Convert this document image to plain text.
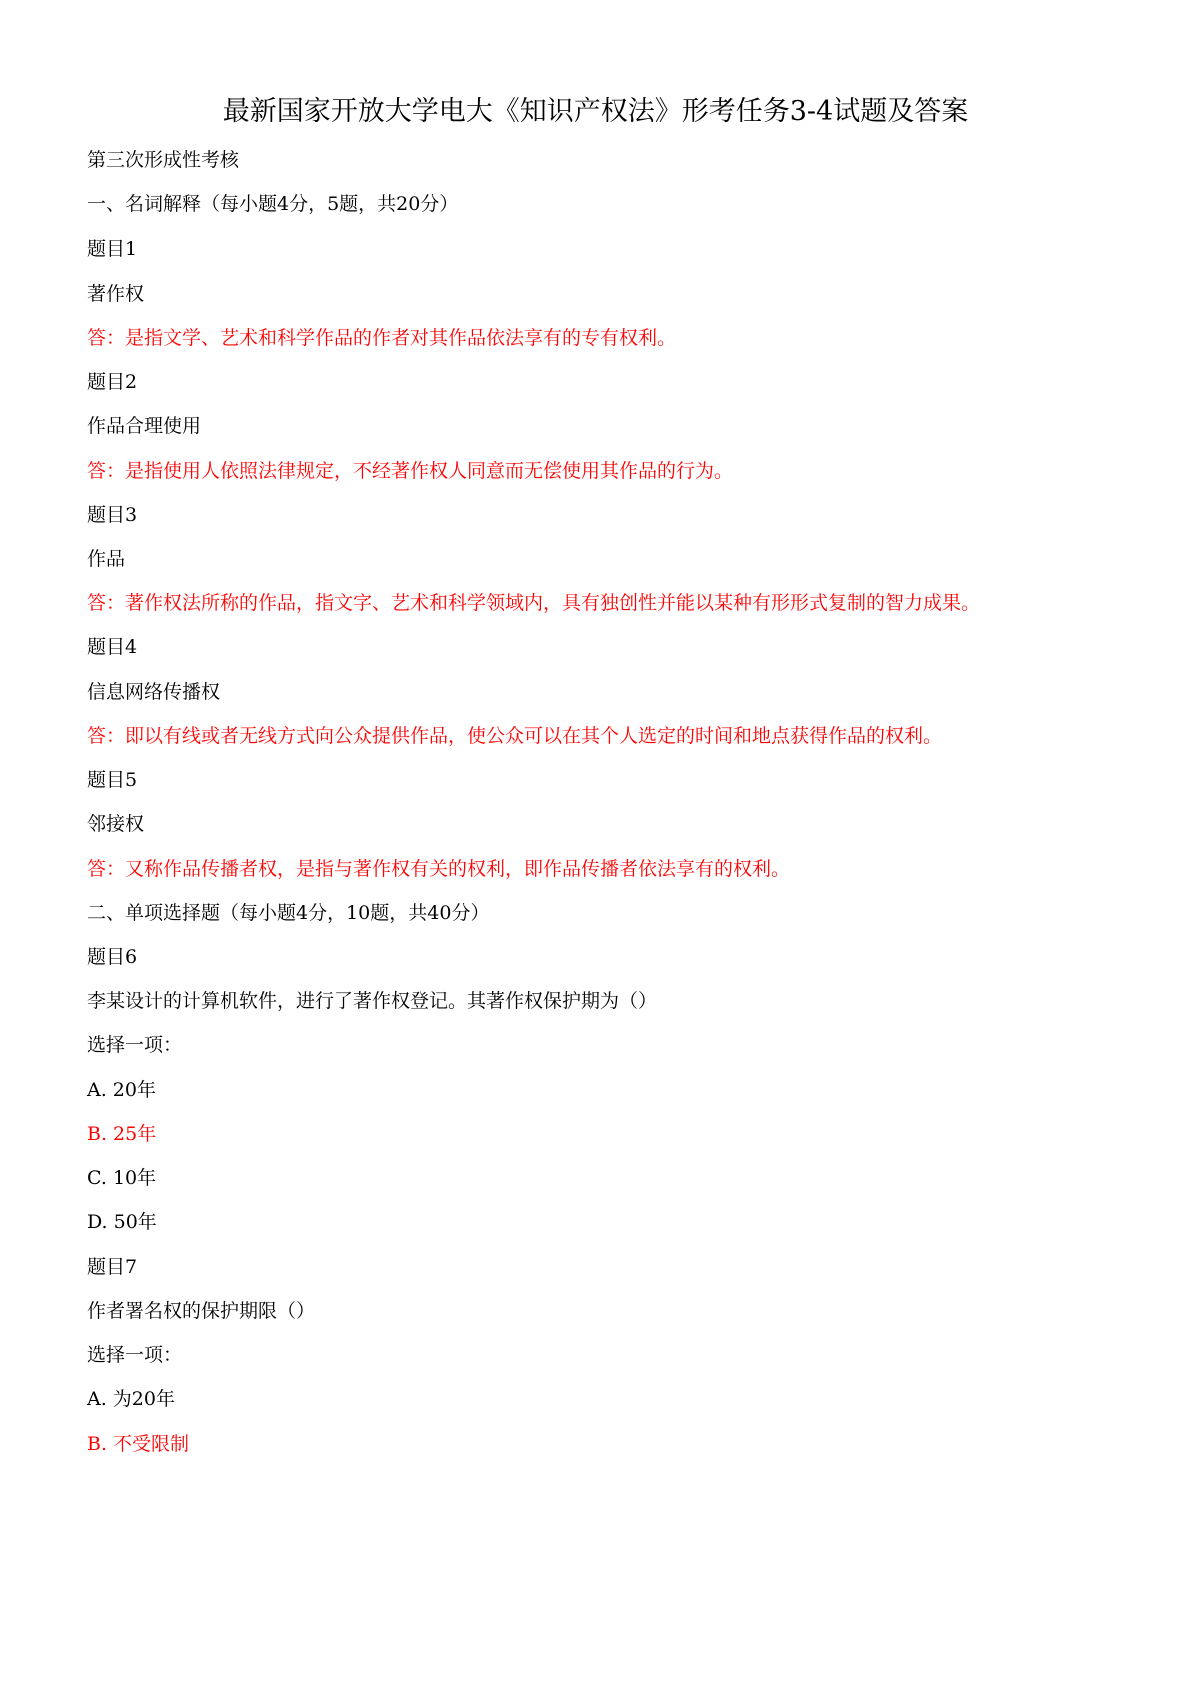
最新国家开放大学电大《知识产权法》形考任务3-4试题及答案
第三次形成性考核
一、名词解释（每小题4分，5题，共20分）
题目1
著作权
答：是指文学、艺术和科学作品的作者对其作品依法享有的专有权利。
题目2
作品合理使用
答：是指使用人依照法律规定，不经著作权人同意而无偿使用其作品的行为。
题目3
作品
答：著作权法所称的作品，指文字、艺术和科学领域内，具有独创性并能以某种有形形式复制的智力成果。
题目4
信息网络传播权
答：即以有线或者无线方式向公众提供作品，使公众可以在其个人选定的时间和地点获得作品的权利。
题目5
邻接权
答：又称作品传播者权，是指与著作权有关的权利，即作品传播者依法享有的权利。
二、单项选择题（每小题4分，10题，共40分）
题目6
李某设计的计算机软件，进行了著作权登记。其著作权保护期为（）
选择一项：
A. 20年
B. 25年
C. 10年
D. 50年
题目7
作者署名权的保护期限（）
选择一项：
A. 为20年
B. 不受限制
